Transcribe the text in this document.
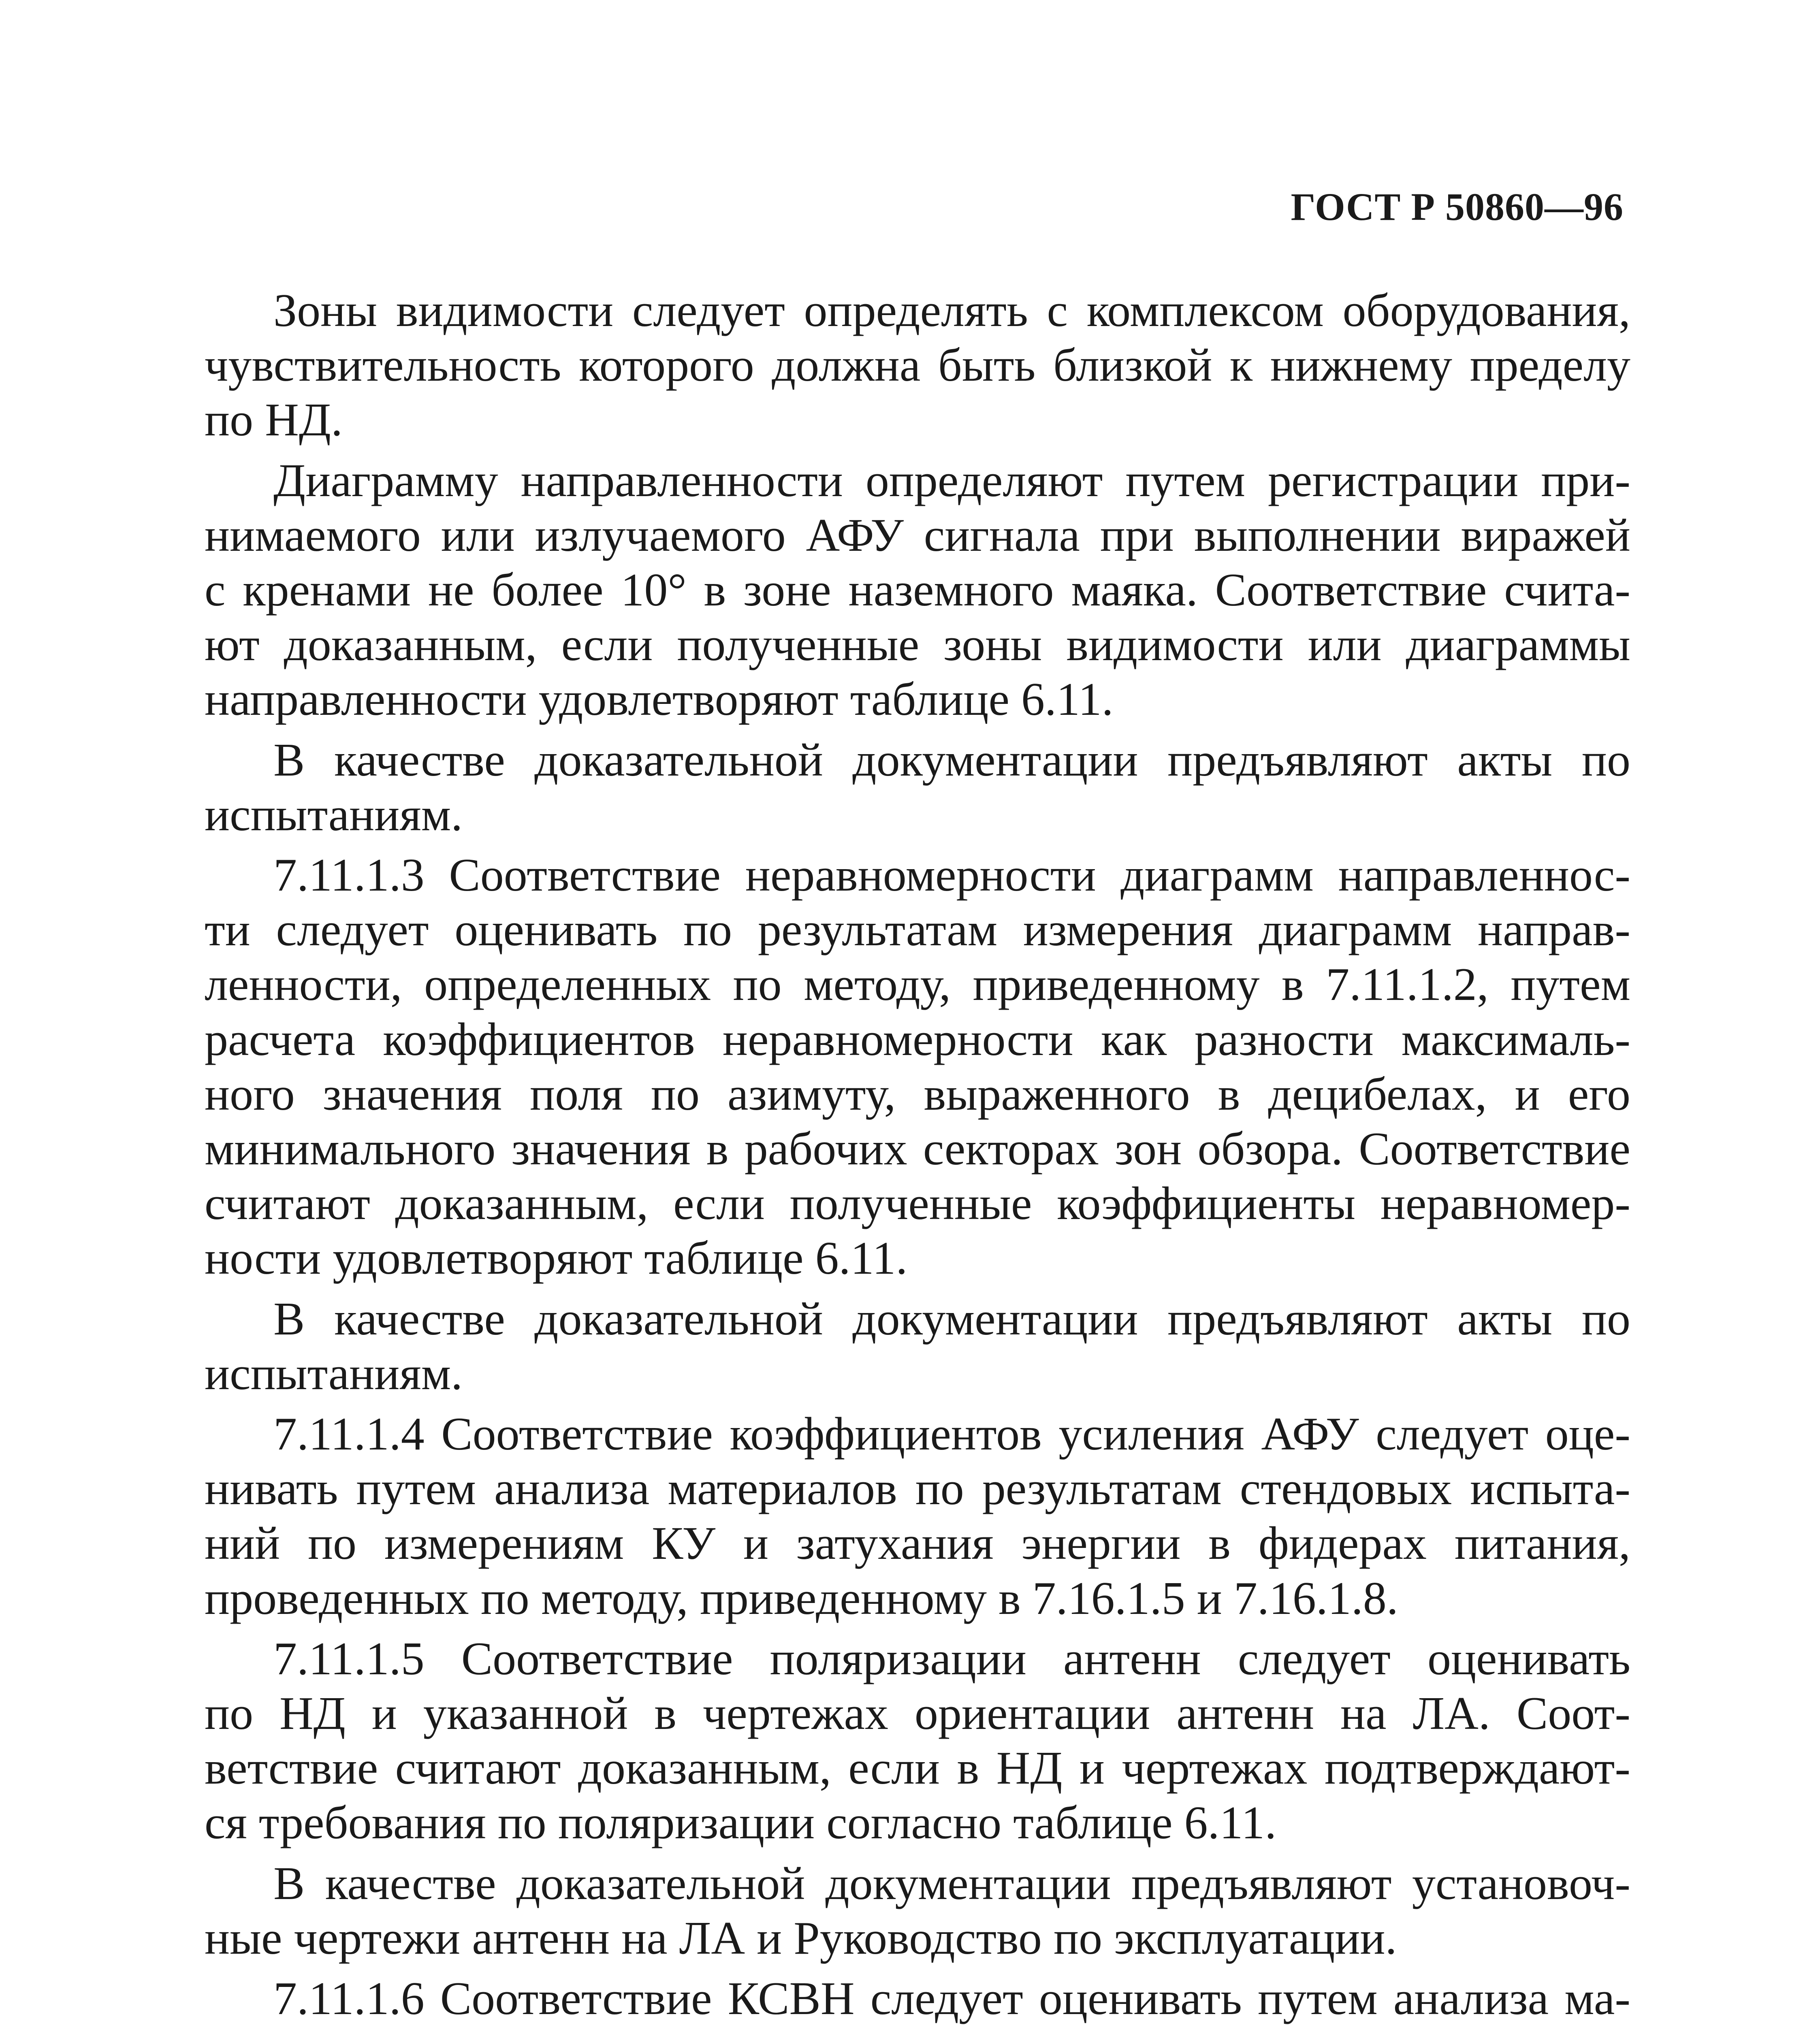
ГОСТ Р 50860—96

Зоны видимости следует определять с комплексом оборудования,
чувствительность которого должна быть близкой к нижнему пределу
по НД.

Диаграмму направленности определяют путем регистрации при-
нимаемого или излучаемого АФУ сигнала при выполнении виражей
с кренами не более 10° в зоне наземного маяка. Соответствие счита-
ют доказанным, если полученные зоны видимости или диаграммы
направленности удовлетворяют таблице 6.11.

В качестве доказательной документации предъявляют акты по
испытаниям.

7.11.1.3 Соответствие неравномерности диаграмм направленнос-
ти следует оценивать по результатам измерения диаграмм направ-
ленности, определенных по методу, приведенному в 7.11.1.2, путем
расчета коэффициентов неравномерности как разности максималь-
ного значения поля по азимуту, выраженного в децибелах, и его
минимального значения в рабочих секторах зон обзора. Соответствие
считают доказанным, если полученные коэффициенты неравномер-
ности удовлетворяют таблице 6.11.

В качестве доказательной документации предъявляют акты по
испытаниям.

7.11.1.4 Соответствие коэффициентов усиления АФУ следует оце-
нивать путем анализа материалов по результатам стендовых испыта-
ний по измерениям КУ и затухания энергии в фидерах питания,
проведенных по методу, приведенному в 7.16.1.5 и 7.16.1.8.

7.11.1.5 Соответствие поляризации антенн следует оценивать
по НД и указанной в чертежах ориентации антенн на ЛА. Соот-
ветствие считают доказанным, если в НД и чертежах подтверждают-
ся требования по поляризации согласно таблице 6.11.

В качестве доказательной документации предъявляют установоч-
ные чертежи антенн на ЛА и Руководство по эксплуатации.

7.11.1.6 Соответствие КСВН следует оценивать путем анализа ма-
